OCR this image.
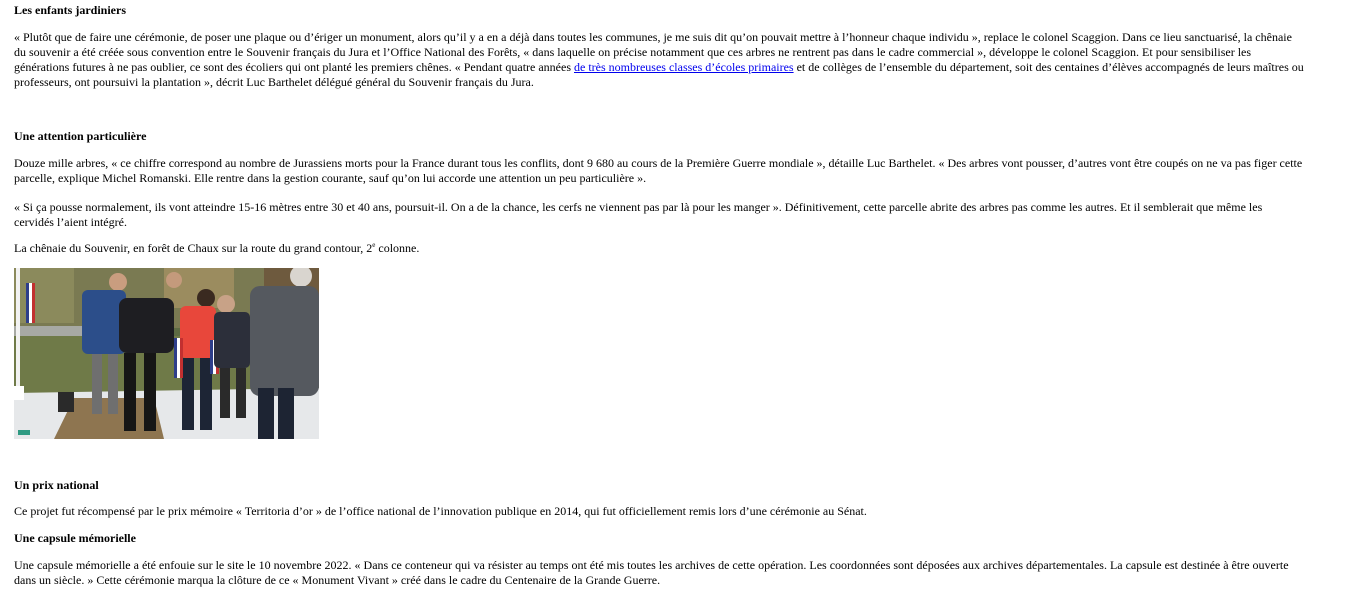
Les enfants jardiniers

« Plutôt que de faire une cérémonie, de poser une plaque ou d’ériger un monument, alors qu’il y a en a déjà dans toutes les communes, je me suis dit qu’on pouvait mettre à l’honneur chaque individu », replace le colonel Scaggion. Dans ce lieu sanctuarisé, la chênaie du souvenir a été créée sous convention entre le Souvenir français du Jura et l’Office National des Forêts, « dans laquelle on précise notamment que ces arbres ne rentrent pas dans le cadre commercial », développe le colonel Scaggion. Et pour sensibiliser les générations futures à ne pas oublier, ce sont des écoliers qui ont planté les premiers chênes. « Pendant quatre années de très nombreuses classes d’écoles primaires et de collèges de l’ensemble du département, soit des centaines d’élèves accompagnés de leurs maîtres ou professeurs, ont poursuivi la plantation », décrit Luc Barthelet délégué général du Souvenir français du Jura.

Une attention particulière

Douze mille arbres, « ce chiffre correspond au nombre de Jurassiens morts pour la France durant tous les conflits, dont 9 680 au cours de la Première Guerre mondiale », détaille Luc Barthelet. « Des arbres vont pousser, d’autres vont être coupés on ne va pas figer cette parcelle, explique Michel Romanski. Elle rentre dans la gestion courante, sauf qu’on lui accorde une attention un peu particulière ».

« Si ça pousse normalement, ils vont atteindre 15-16 mètres entre 30 et 40 ans, poursuit-il. On a de la chance, les cerfs ne viennent pas par là pour les manger ». Définitivement, cette parcelle abrite des arbres pas comme les autres. Et il semblerait que même les cervidés l’aient intégré.

La chênaie du Souvenir, en forêt de Chaux sur la route du grand contour, 2e colonne.

Un prix national

Ce projet fut récompensé par le prix mémoire « Territoria d’or » de l’office national de l’innovation publique en 2014, qui fut officiellement remis lors d’une cérémonie au Sénat.

Une capsule mémorielle

Une capsule mémorielle a été enfouie sur le site le 10 novembre 2022. « Dans ce conteneur qui va résister au temps ont été mis toutes les archives de cette opération. Les coordonnées sont déposées aux archives départementales. La capsule est destinée à être ouverte dans un siècle. » Cette cérémonie marqua la clôture de ce « Monument Vivant » créé dans le cadre du Centenaire de la Grande Guerre.
